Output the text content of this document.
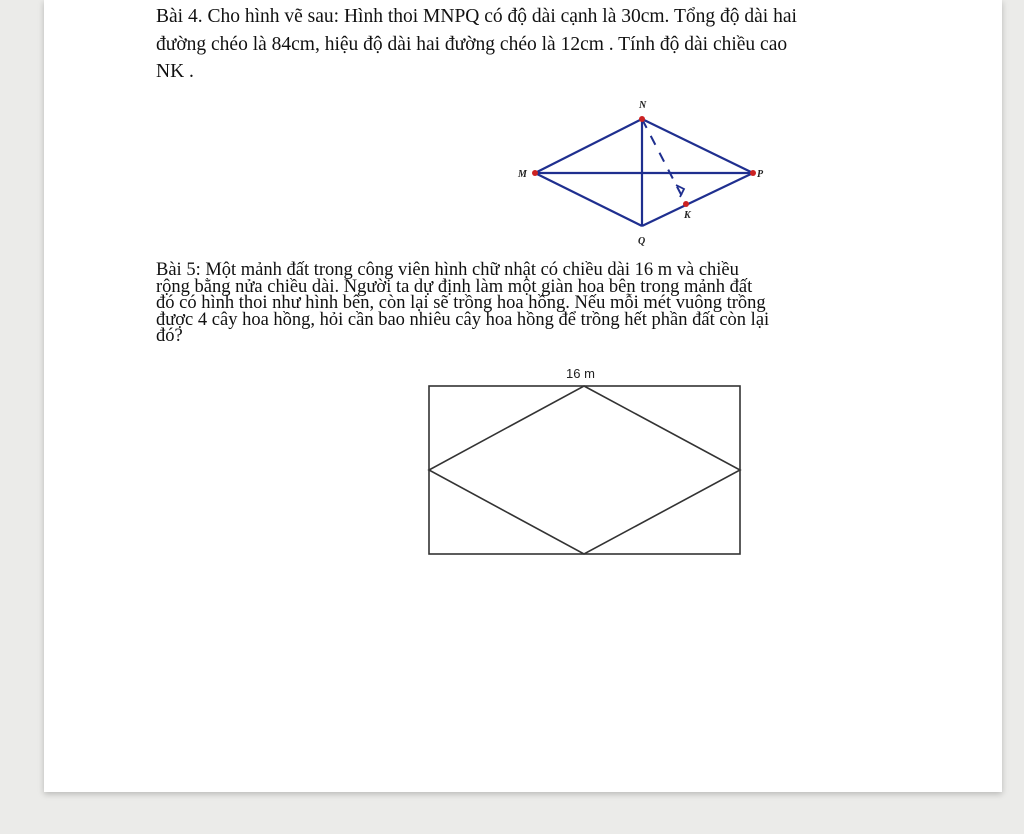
Bài 4. Cho hình vẽ sau: Hình thoi MNPQ có độ dài cạnh là 30cm. Tổng độ dài hai
đường chéo là 84cm, hiệu độ dài hai đường chéo là 12cm . Tính độ dài chiều cao
NK .
N
M	P
K
Q
Bài 5: Một mảnh đất trong công viên hình chữ nhật có chiều dài 16 m và chiều
rộng bằng nửa chiều dài. Người ta dự định làm một giàn hoa bên trong mảnh đất
đó có hình thoi như hình bên, còn lại sẽ trồng hoa hồng. Nếu mỗi mét vuông trồng
được 4 cây hoa hồng, hỏi cần bao nhiêu cây hoa hồng để trồng hết phần đất còn lại
đó?
16 m
